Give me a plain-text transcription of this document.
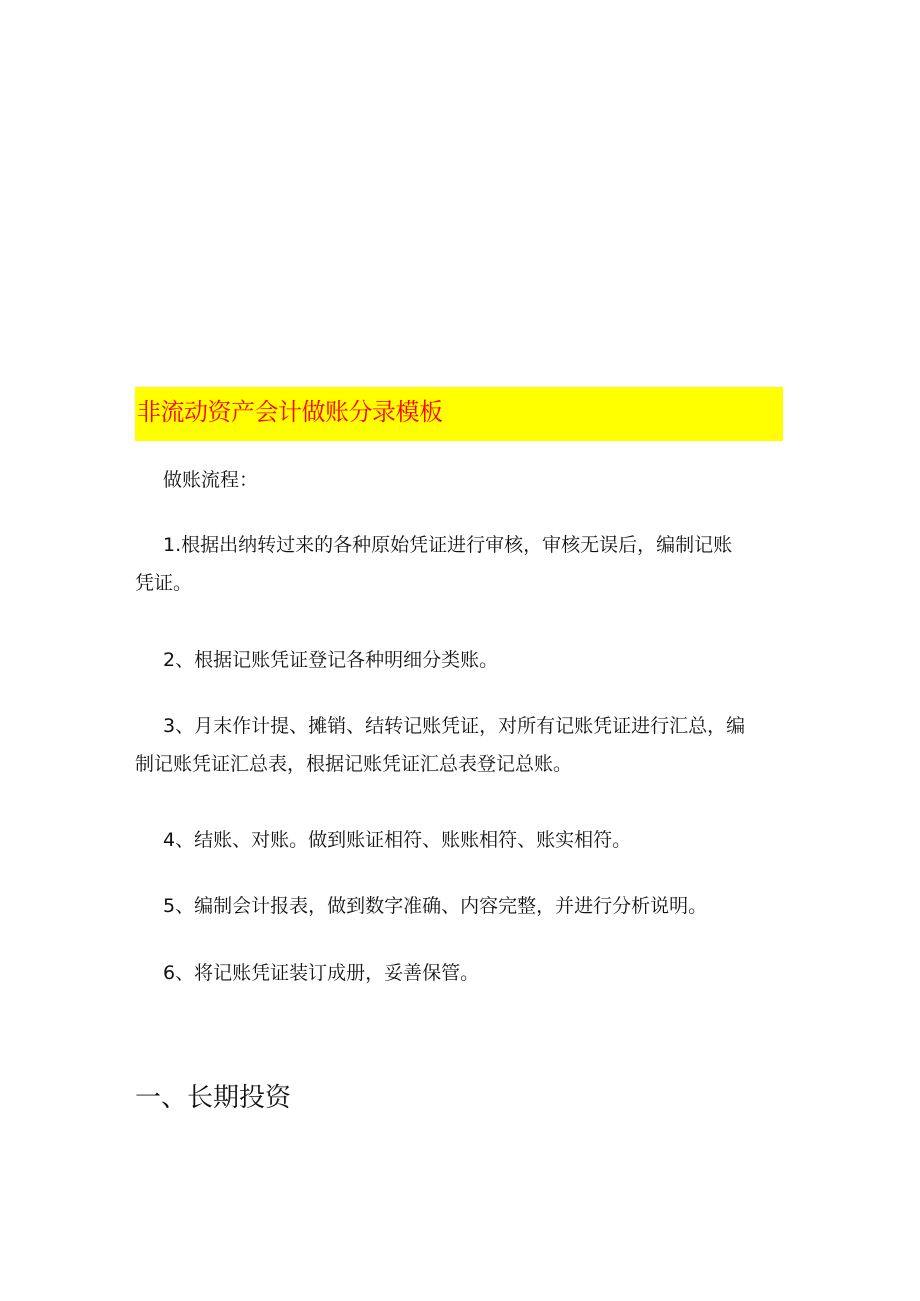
非流动资产会计做账分录模板
做账流程：
1.根据出纳转过来的各种原始凭证进行审核，审核无误后，编制记账
凭证。
2、根据记账凭证登记各种明细分类账。
3、月末作计提、摊销、结转记账凭证，对所有记账凭证进行汇总，编
制记账凭证汇总表，根据记账凭证汇总表登记总账。
4、结账、对账。做到账证相符、账账相符、账实相符。
5、编制会计报表，做到数字准确、内容完整，并进行分析说明。
6、将记账凭证装订成册，妥善保管。
一、长期投资
